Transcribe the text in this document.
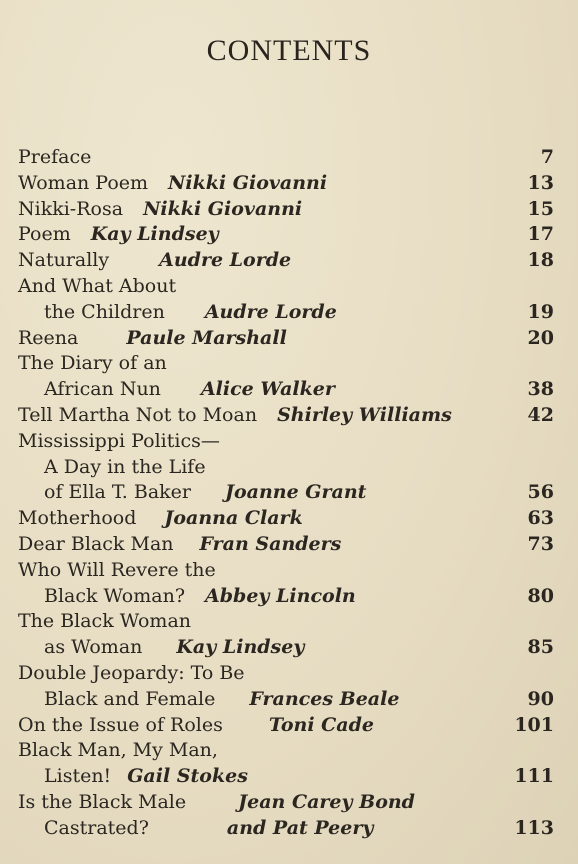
CONTENTS
Preface	7
Woman Poem Nikki Giovanni	13
Nikki-Rosa Nikki Giovanni	15
Poem Kay Lindsey	17
Naturally	Audre Lorde	18
And What About
the Children Audre Lorde	19
Reena	Paule Marshall	20
The Diary of an
African Nun Alice Walker	38
Tell Martha Not to Moan Shirley Williams	42
Mississippi Politics—
A Day in the Life
of Ella T. Baker Joanne Grant	56
Motherhood Joanna Clark	63
Dear Black Man Fran Sanders	73
Who Will Revere the
Black Woman? Abbey Lincoln	80
The Black Woman
as Woman Kay Lindsey	85
Double Jeopardy: To Be
Black and Female Frances Beale	90
On the Issue of Roles Toni Cade	101
Black Man, My Man,
Listen! Gail Stokes	111
Is the Black Male	Jean Carey Bond
Castrated?	and Pat Peery	113
